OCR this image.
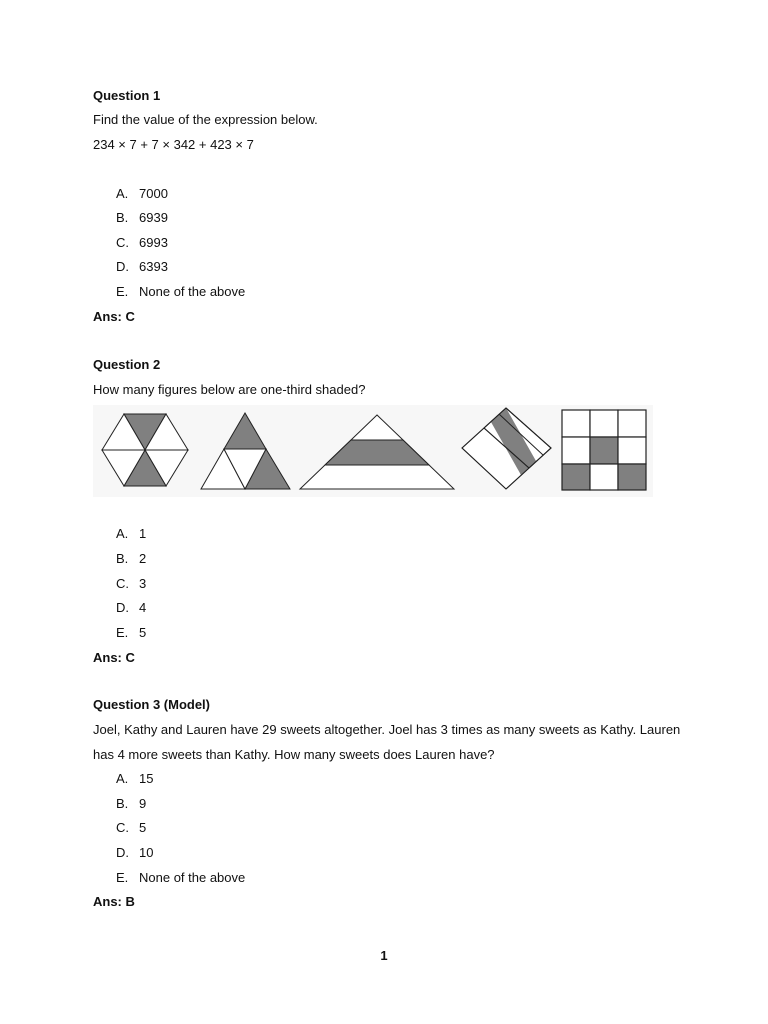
Question 1
Find the value of the expression below.
234 × 7 + 7 × 342 + 423 × 7
A. 7000
B. 6939
C. 6993
D. 6393
E. None of the above
Ans: C
Question 2
How many figures below are one-third shaded?
A. 1
B. 2
C. 3
D. 4
E. 5
Ans: C
Question 3 (Model)
Joel, Kathy and Lauren have 29 sweets altogether. Joel has 3 times as many sweets as Kathy. Lauren
has 4 more sweets than Kathy. How many sweets does Lauren have?
A. 15
B. 9
C. 5
D. 10
E. None of the above
Ans: B
1
